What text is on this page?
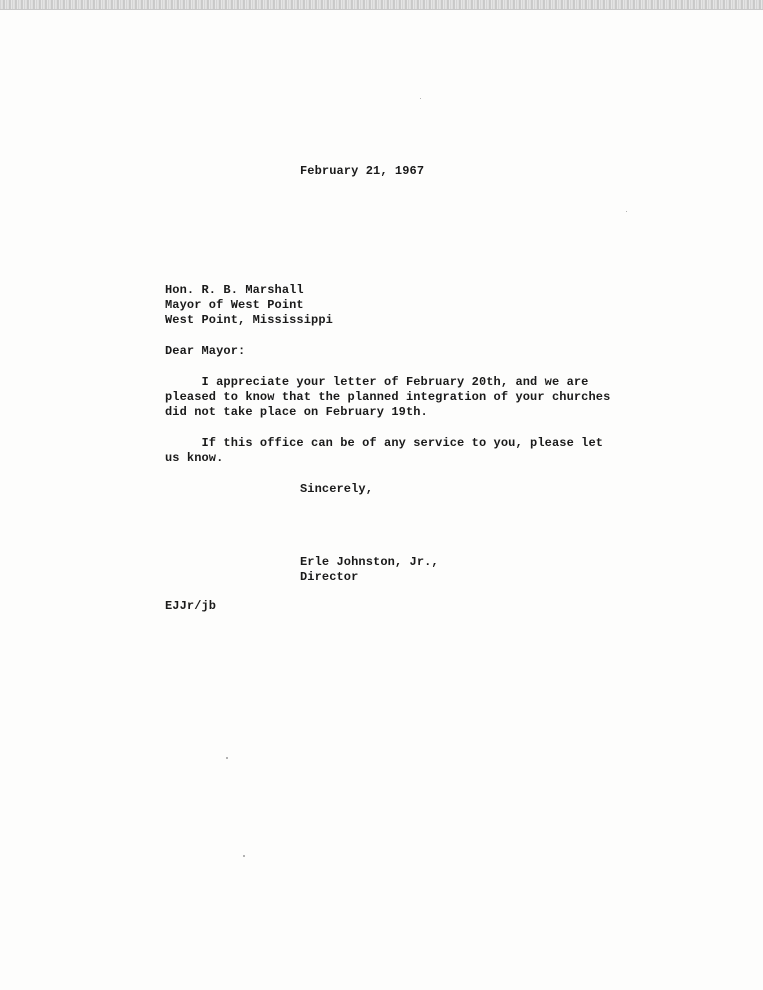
February 21, 1967
Hon. R. B. Marshall
Mayor of West Point
West Point, Mississippi
Dear Mayor:
I appreciate your letter of February 20th, and we are
pleased to know that the planned integration of your churches
did not take place on February 19th.
If this office can be of any service to you, please let
us know.
Sincerely,
Erle Johnston, Jr.,
Director
EJJr/jb
